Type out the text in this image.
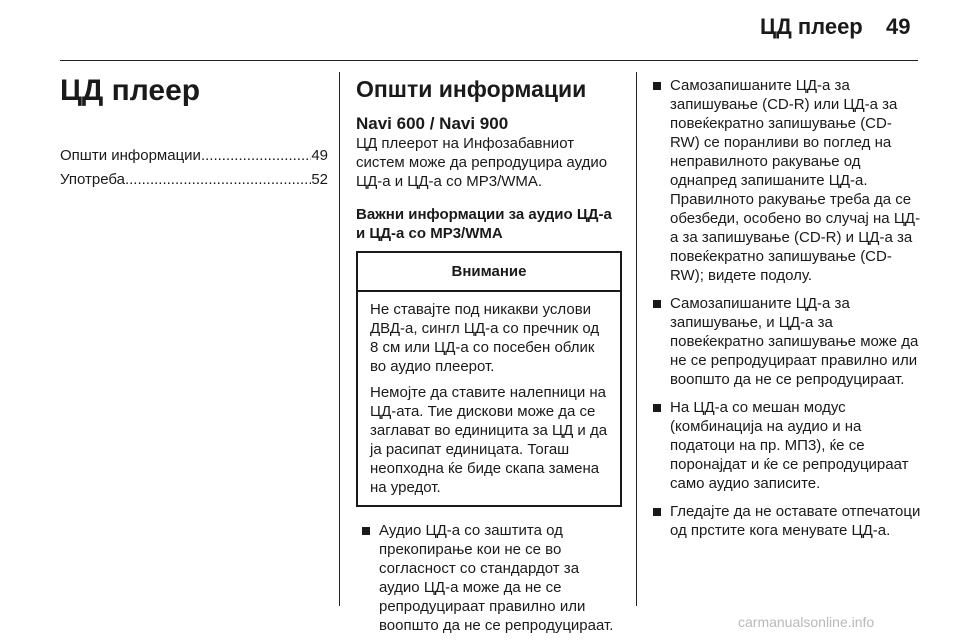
ЦД плеер 49
ЦД плеер
Општи информации .....	49
Употреба .....	52
Општи информации
Navi 600 / Navi 900

ЦД плеерот на Инфозабавниот систем може да репродуцира аудио ЦД-а и ЦД-а со MP3/WMA.

Важни информации за аудио ЦД-а и ЦД-а со MP3/WMA

Внимание

Не ставајте под никакви услови ДВД-а, сингл ЦД-а со пречник од 8 см или ЦД-а со посебен облик во аудио плеерот.

Немојте да ставите налепници на ЦД-ата. Тие дискови може да се заглават во единицита за ЦД и да ја расипат единицата. Тогаш неопходна ќе биде скапа замена на уредот.

Аудио ЦД-а со заштита од прекопирање кои не се во согласност со стандардот за аудио ЦД-а може да не се репродуцираат правилно или воопшто да не се репродуцираат.

Самозапишаните ЦД-а за запишување (CD-R) или ЦД-а за повеќекратно запишување (CD-RW) се поранливи во поглед на неправилното ракување од однапред запишаните ЦД-а. Правилното ракување треба да се обезбеди, особено во случај на ЦД-а за запишување (CD-R) и ЦД-а за повеќекратно запишување (CD-RW); видете подолу.

Самозапишаните ЦД-а за запишување, и ЦД-а за повеќекратно запишување може да не се репродуцираат правилно или воопшто да не се репродуцираат.

На ЦД-а со мешан модус (комбинација на аудио и на податоци на пр. МП3), ќе се поронајдат и ќе се репродуцираат само аудио записите.

Гледајте да не оставате отпечатоци од прстите кога менувате ЦД-а.

carmanualsonline.info
